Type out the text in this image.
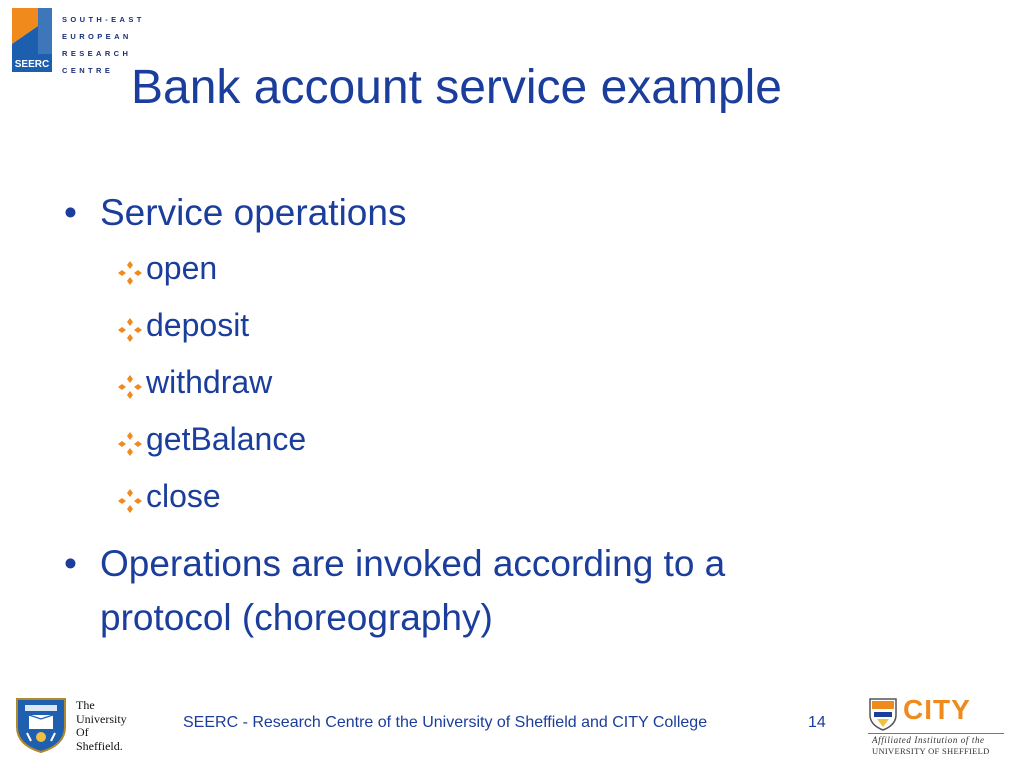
SEERC
SOUTH-EAST
EUROPEAN
RESEARCH
CENTRE Bank account service example
• Service operations
open
deposit
withdraw
getBalance
close
• Operations are invoked according to a
protocol (choreography)
The
University
Of
Sheffield.
SEERC - Research Centre of the University of Sheffield and CITY College	14	CITY
Affiliated Institution of the
UNIVERSITY OF SHEFFIELD
